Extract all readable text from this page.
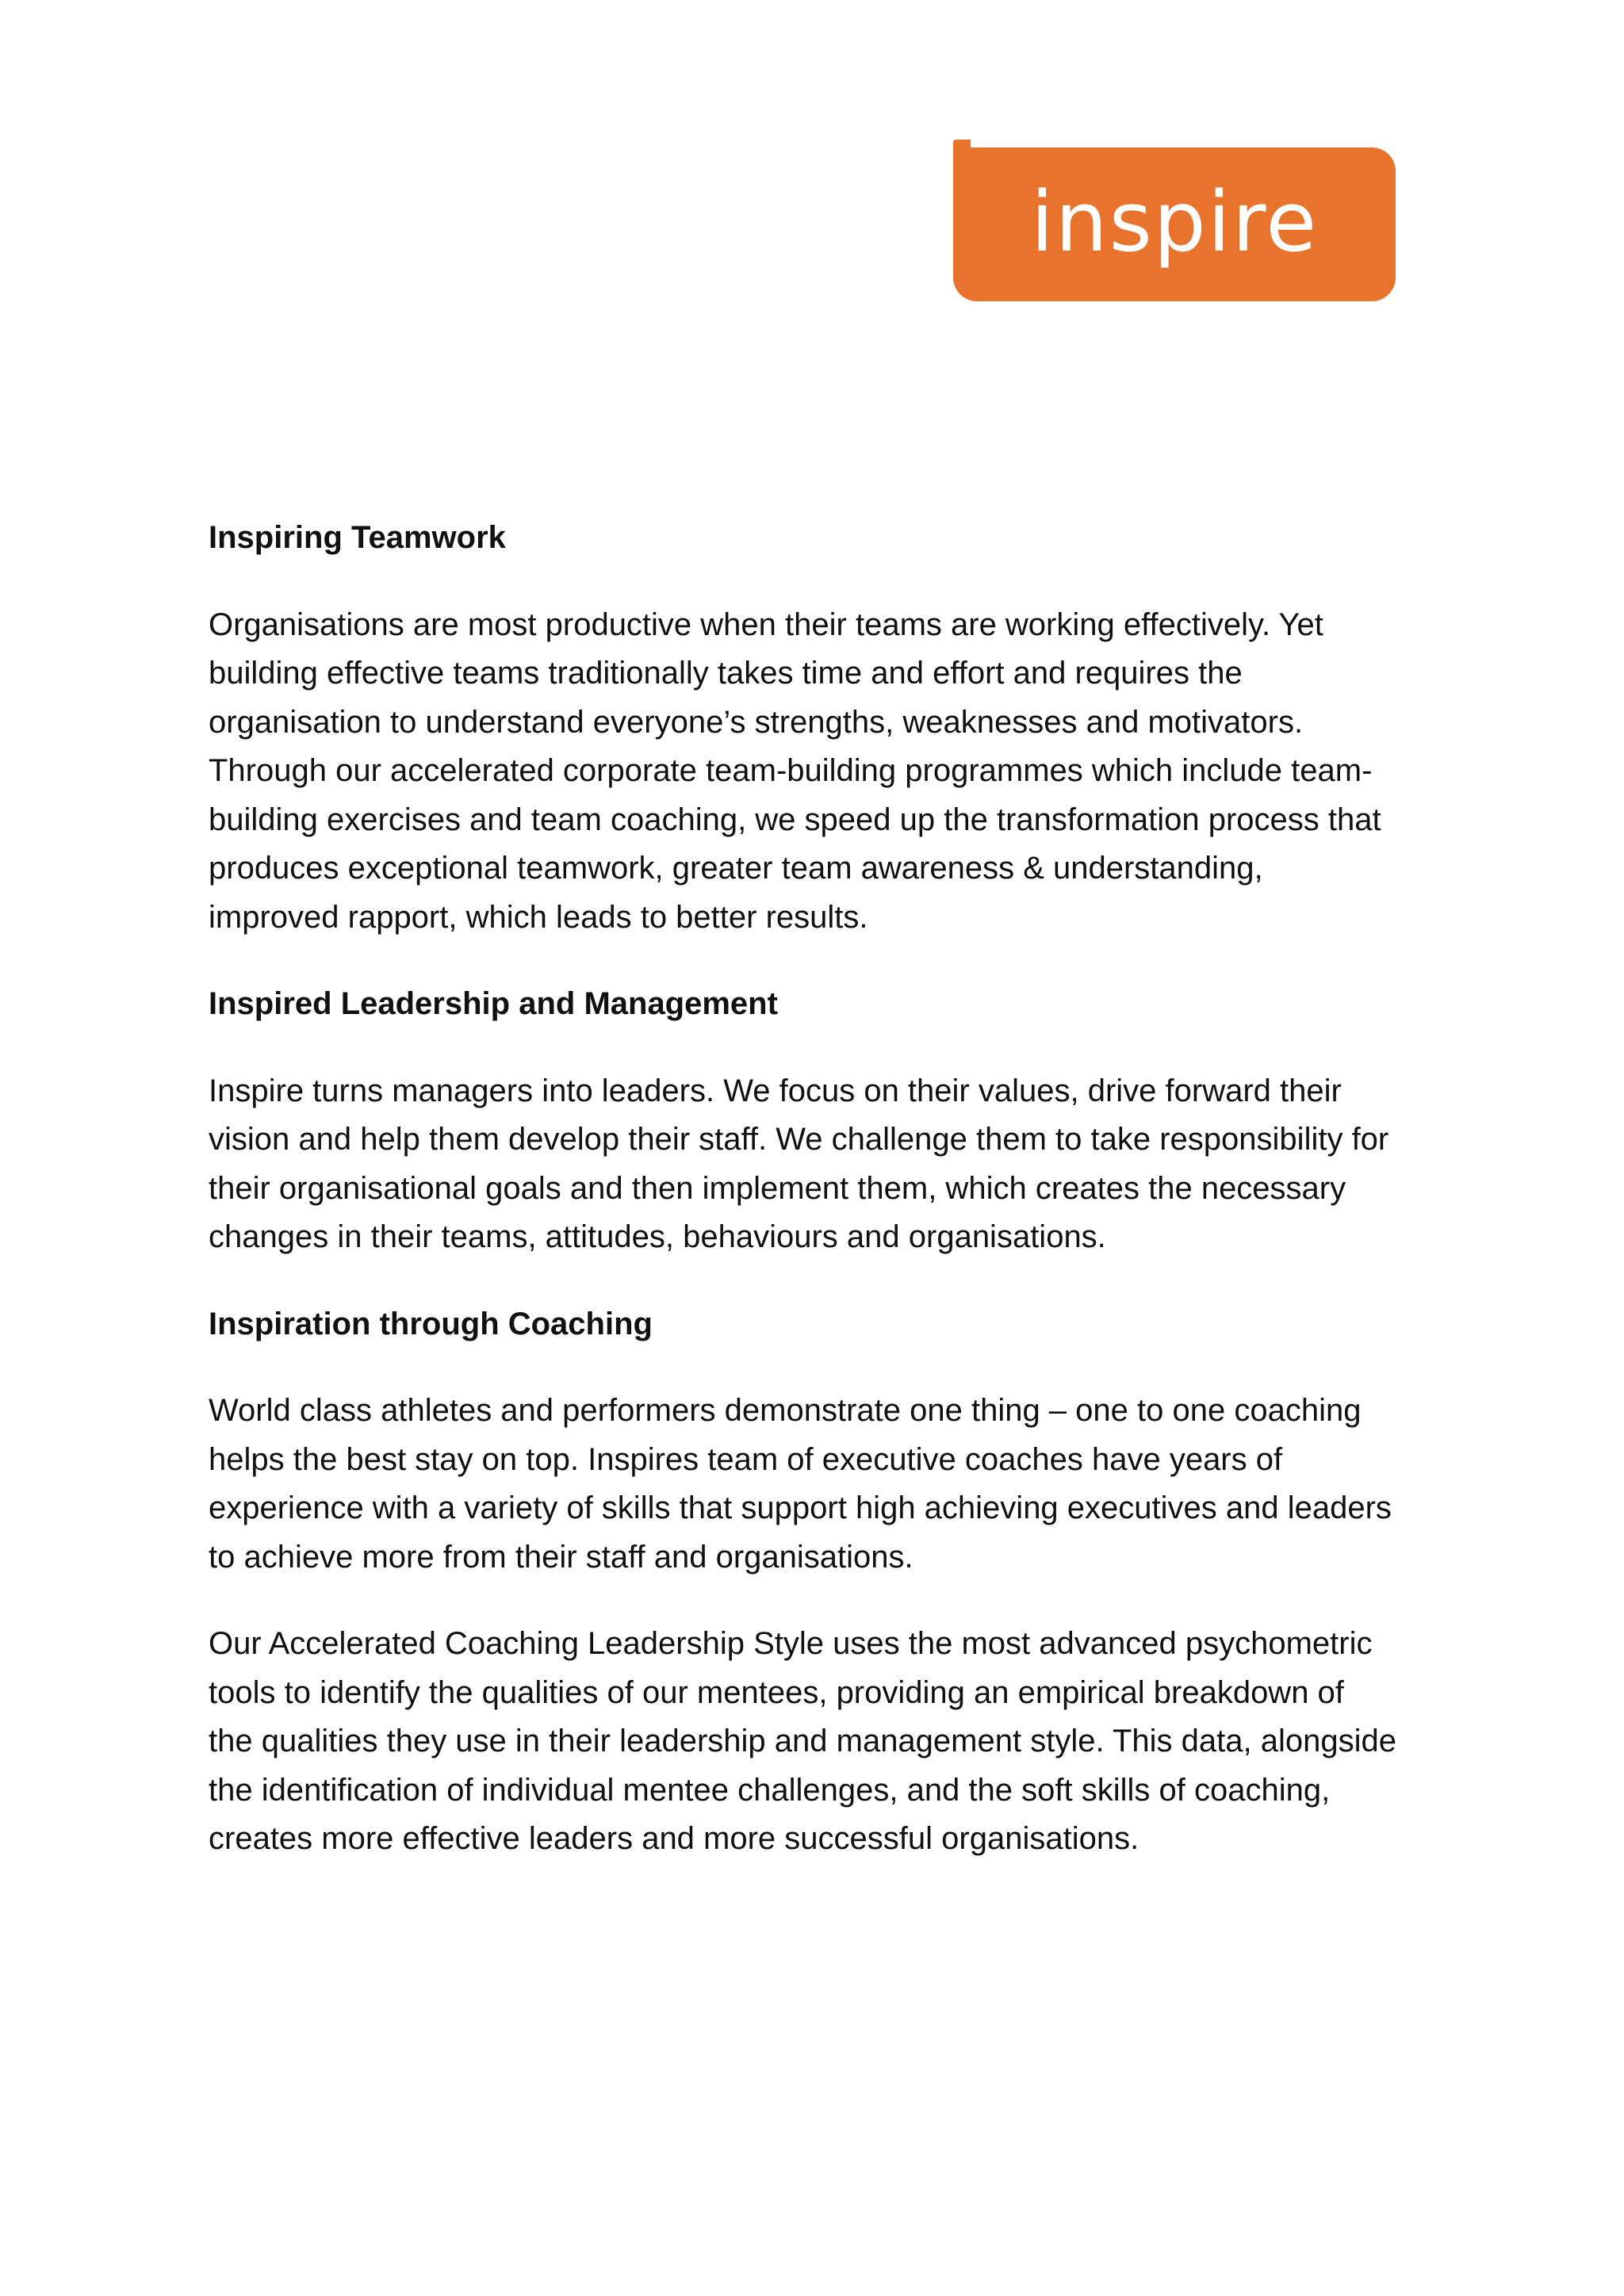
inspire

Inspiring Teamwork

Organisations are most productive when their teams are working effectively. Yet
building effective teams traditionally takes time and effort and requires the
organisation to understand everyone’s strengths, weaknesses and motivators.
Through our accelerated corporate team-building programmes which include team-
building exercises and team coaching, we speed up the transformation process that
produces exceptional teamwork, greater team awareness & understanding,
improved rapport, which leads to better results.

Inspired Leadership and Management

Inspire turns managers into leaders. We focus on their values, drive forward their
vision and help them develop their staff. We challenge them to take responsibility for
their organisational goals and then implement them, which creates the necessary
changes in their teams, attitudes, behaviours and organisations.

Inspiration through Coaching

World class athletes and performers demonstrate one thing – one to one coaching
helps the best stay on top. Inspires team of executive coaches have years of
experience with a variety of skills that support high achieving executives and leaders
to achieve more from their staff and organisations.

Our Accelerated Coaching Leadership Style uses the most advanced psychometric
tools to identify the qualities of our mentees, providing an empirical breakdown of
the qualities they use in their leadership and management style. This data, alongside
the identification of individual mentee challenges, and the soft skills of coaching,
creates more effective leaders and more successful organisations.
